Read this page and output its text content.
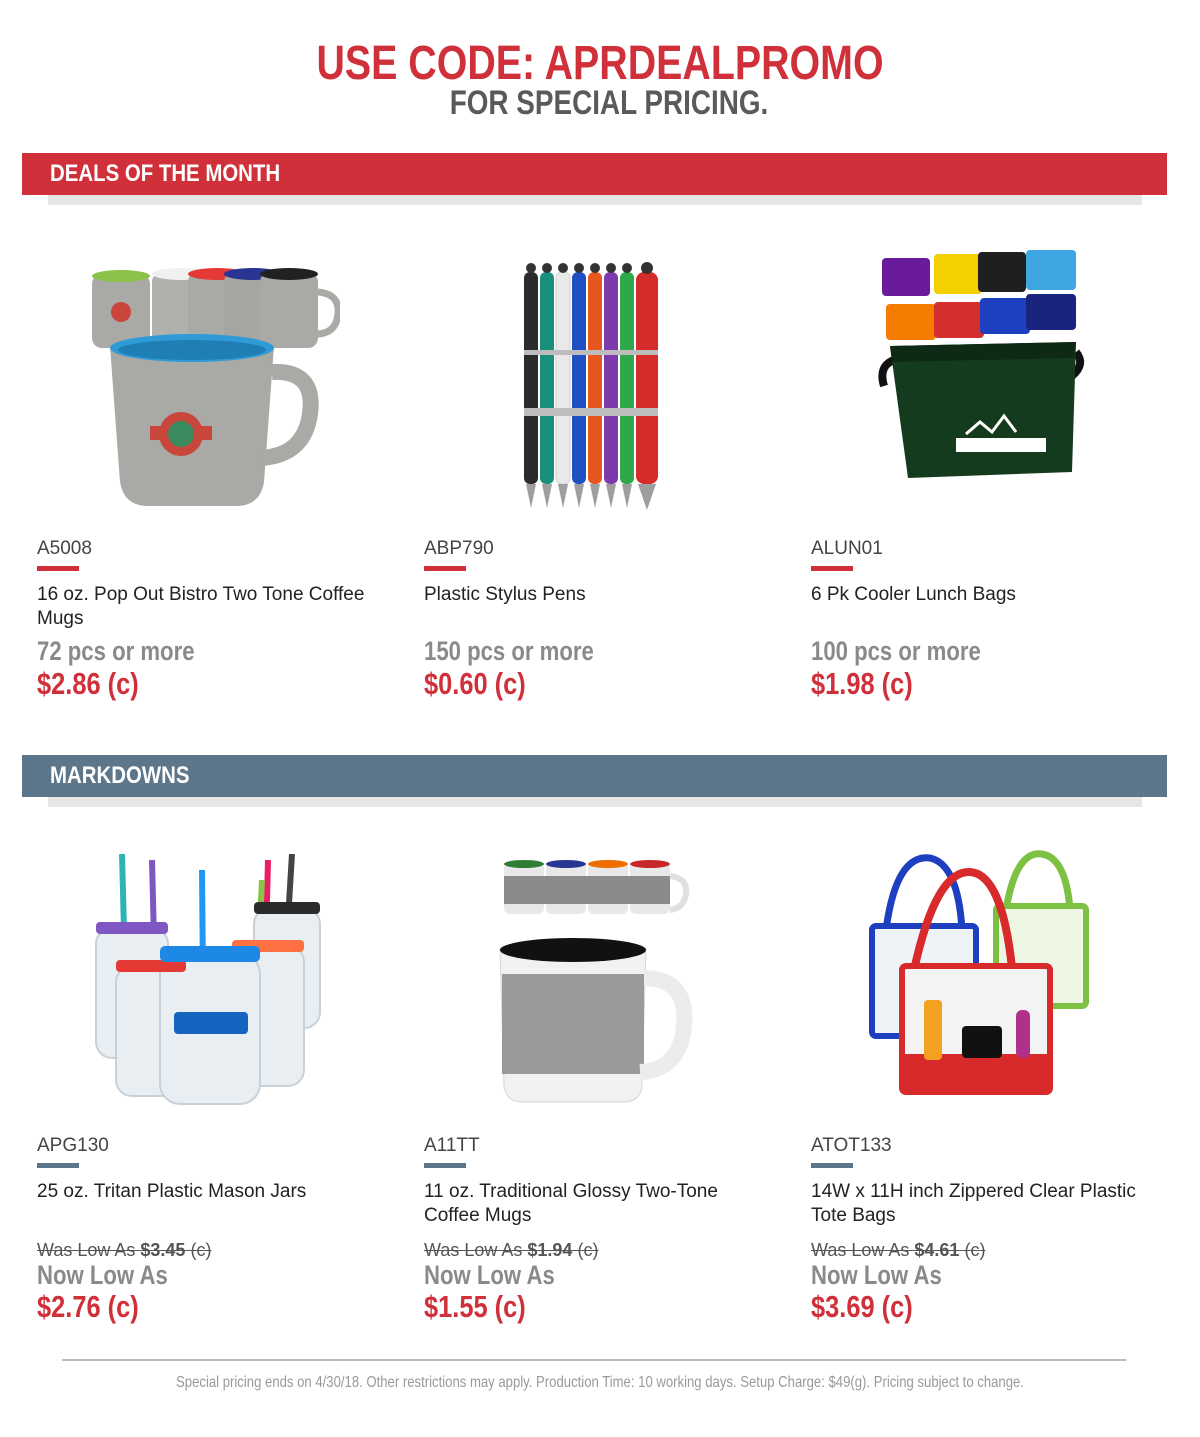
USE CODE: APRDEALPROMO
FOR SPECIAL PRICING.
DEALS OF THE MONTH
A5008
16 oz. Pop Out Bistro Two Tone Coffee Mugs
72 pcs or more
$2.86 (c)
ABP790
Plastic Stylus Pens
150 pcs or more
$0.60 (c)
ALUN01
6 Pk Cooler Lunch Bags
100 pcs or more
$1.98 (c)
MARKDOWNS
APG130
25 oz. Tritan Plastic Mason Jars
Was Low As $3.45 (c)
Now Low As
$2.76 (c)
A11TT
11 oz. Traditional Glossy Two-Tone Coffee Mugs
Was Low As $1.94 (c)
Now Low As
$1.55 (c)
ATOT133
14W x 11H inch Zippered Clear Plastic Tote Bags
Was Low As $4.61 (c)
Now Low As
$3.69 (c)
Special pricing ends on 4/30/18. Other restrictions may apply. Production Time: 10 working days. Setup Charge: $49(g). Pricing subject to change.
